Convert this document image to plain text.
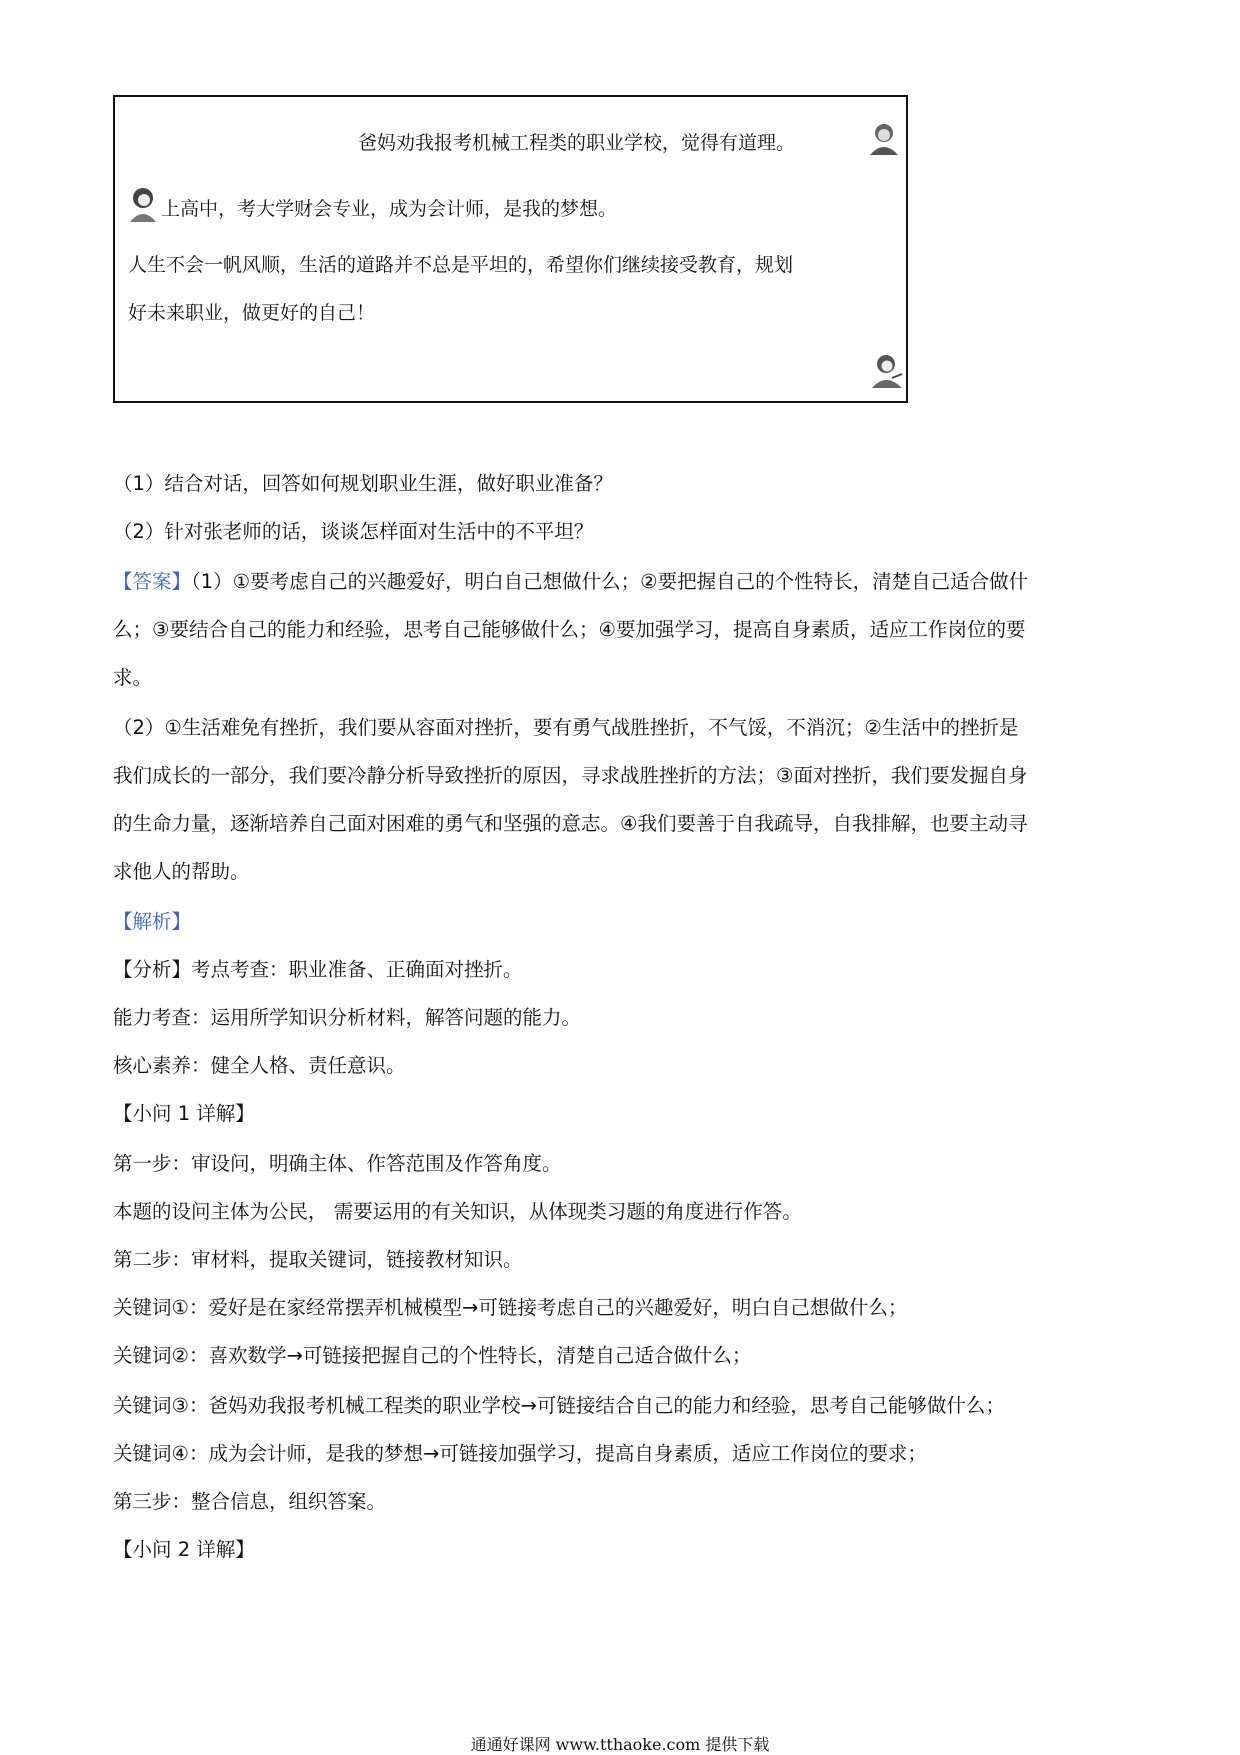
爸妈劝我报考机械工程类的职业学校，觉得有道理。
上高中，考大学财会专业，成为会计师，是我的梦想。
人生不会一帆风顺，生活的道路并不总是平坦的，希望你们继续接受教育，规划
好未来职业，做更好的自己！
（1）结合对话，回答如何规划职业生涯，做好职业准备？
（2）针对张老师的话，谈谈怎样面对生活中的不平坦？
【答案】（1）①要考虑自己的兴趣爱好，明白自己想做什么；②要把握自己的个性特长，清楚自己适合做什
么；③要结合自己的能力和经验，思考自己能够做什么；④要加强学习，提高自身素质，适应工作岗位的要
求。
（2）①生活难免有挫折，我们要从容面对挫折，要有勇气战胜挫折，不气馁，不消沉；②生活中的挫折是
我们成长的一部分，我们要冷静分析导致挫折的原因，寻求战胜挫折的方法；③面对挫折，我们要发掘自身
的生命力量，逐渐培养自己面对困难的勇气和坚强的意志。④我们要善于自我疏导，自我排解，也要主动寻
求他人的帮助。
【解析】
【分析】考点考查：职业准备、正确面对挫折。
能力考查：运用所学知识分析材料，解答问题的能力。
核心素养：健全人格、责任意识。
【小问 1 详解】
第一步：审设问，明确主体、作答范围及作答角度。
本题的设问主体为公民， 需要运用的有关知识，从体现类习题的角度进行作答。
第二步：审材料，提取关键词，链接教材知识。
关键词①：爱好是在家经常摆弄机械模型→可链接考虑自己的兴趣爱好，明白自己想做什么；
关键词②：喜欢数学→可链接把握自己的个性特长，清楚自己适合做什么；
关键词③：爸妈劝我报考机械工程类的职业学校→可链接结合自己的能力和经验，思考自己能够做什么；
关键词④：成为会计师，是我的梦想→可链接加强学习，提高自身素质，适应工作岗位的要求；
第三步：整合信息，组织答案。
【小问 2 详解】
通通好课网 www.tthaoke.com 提供下载
